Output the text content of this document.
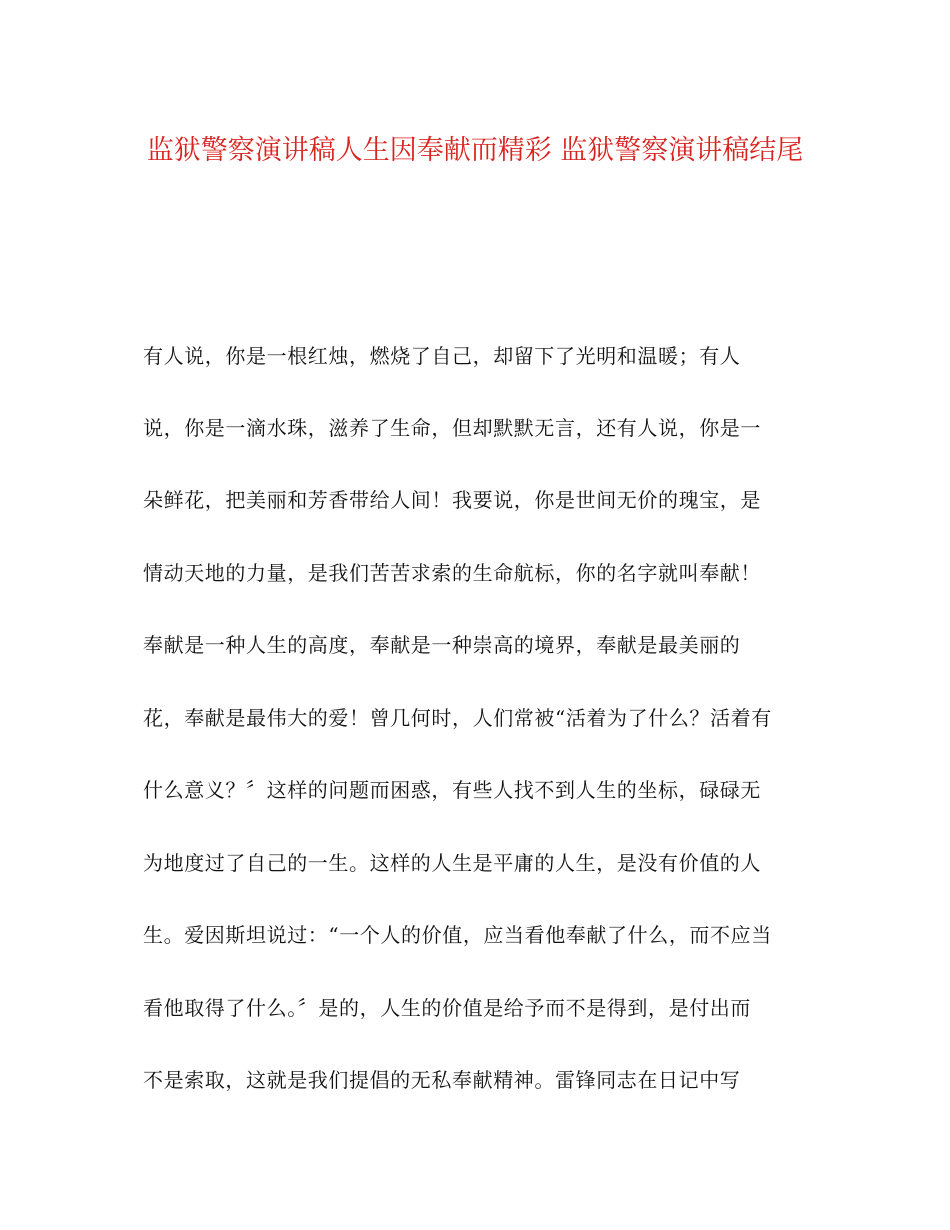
监狱警察演讲稿人生因奉献而精彩 监狱警察演讲稿结尾
有人说，你是一根红烛，燃烧了自己，却留下了光明和温暖；有人
说，你是一滴水珠，滋养了生命，但却默默无言，还有人说，你是一
朵鲜花，把美丽和芳香带给人间！我要说，你是世间无价的瑰宝，是
情动天地的力量，是我们苦苦求索的生命航标，你的名字就叫奉献！
奉献是一种人生的高度，奉献是一种崇高的境界，奉献是最美丽的
花，奉献是最伟大的爱！曾几何时，人们常被“活着为了什么？活着有
什么意义？〞这样的问题而困惑，有些人找不到人生的坐标，碌碌无
为地度过了自己的一生。这样的人生是平庸的人生，是没有价值的人
生。爱因斯坦说过：“一个人的价值，应当看他奉献了什么，而不应当
看他取得了什么。〞是的，人生的价值是给予而不是得到，是付出而
不是索取，这就是我们提倡的无私奉献精神。雷锋同志在日记中写
